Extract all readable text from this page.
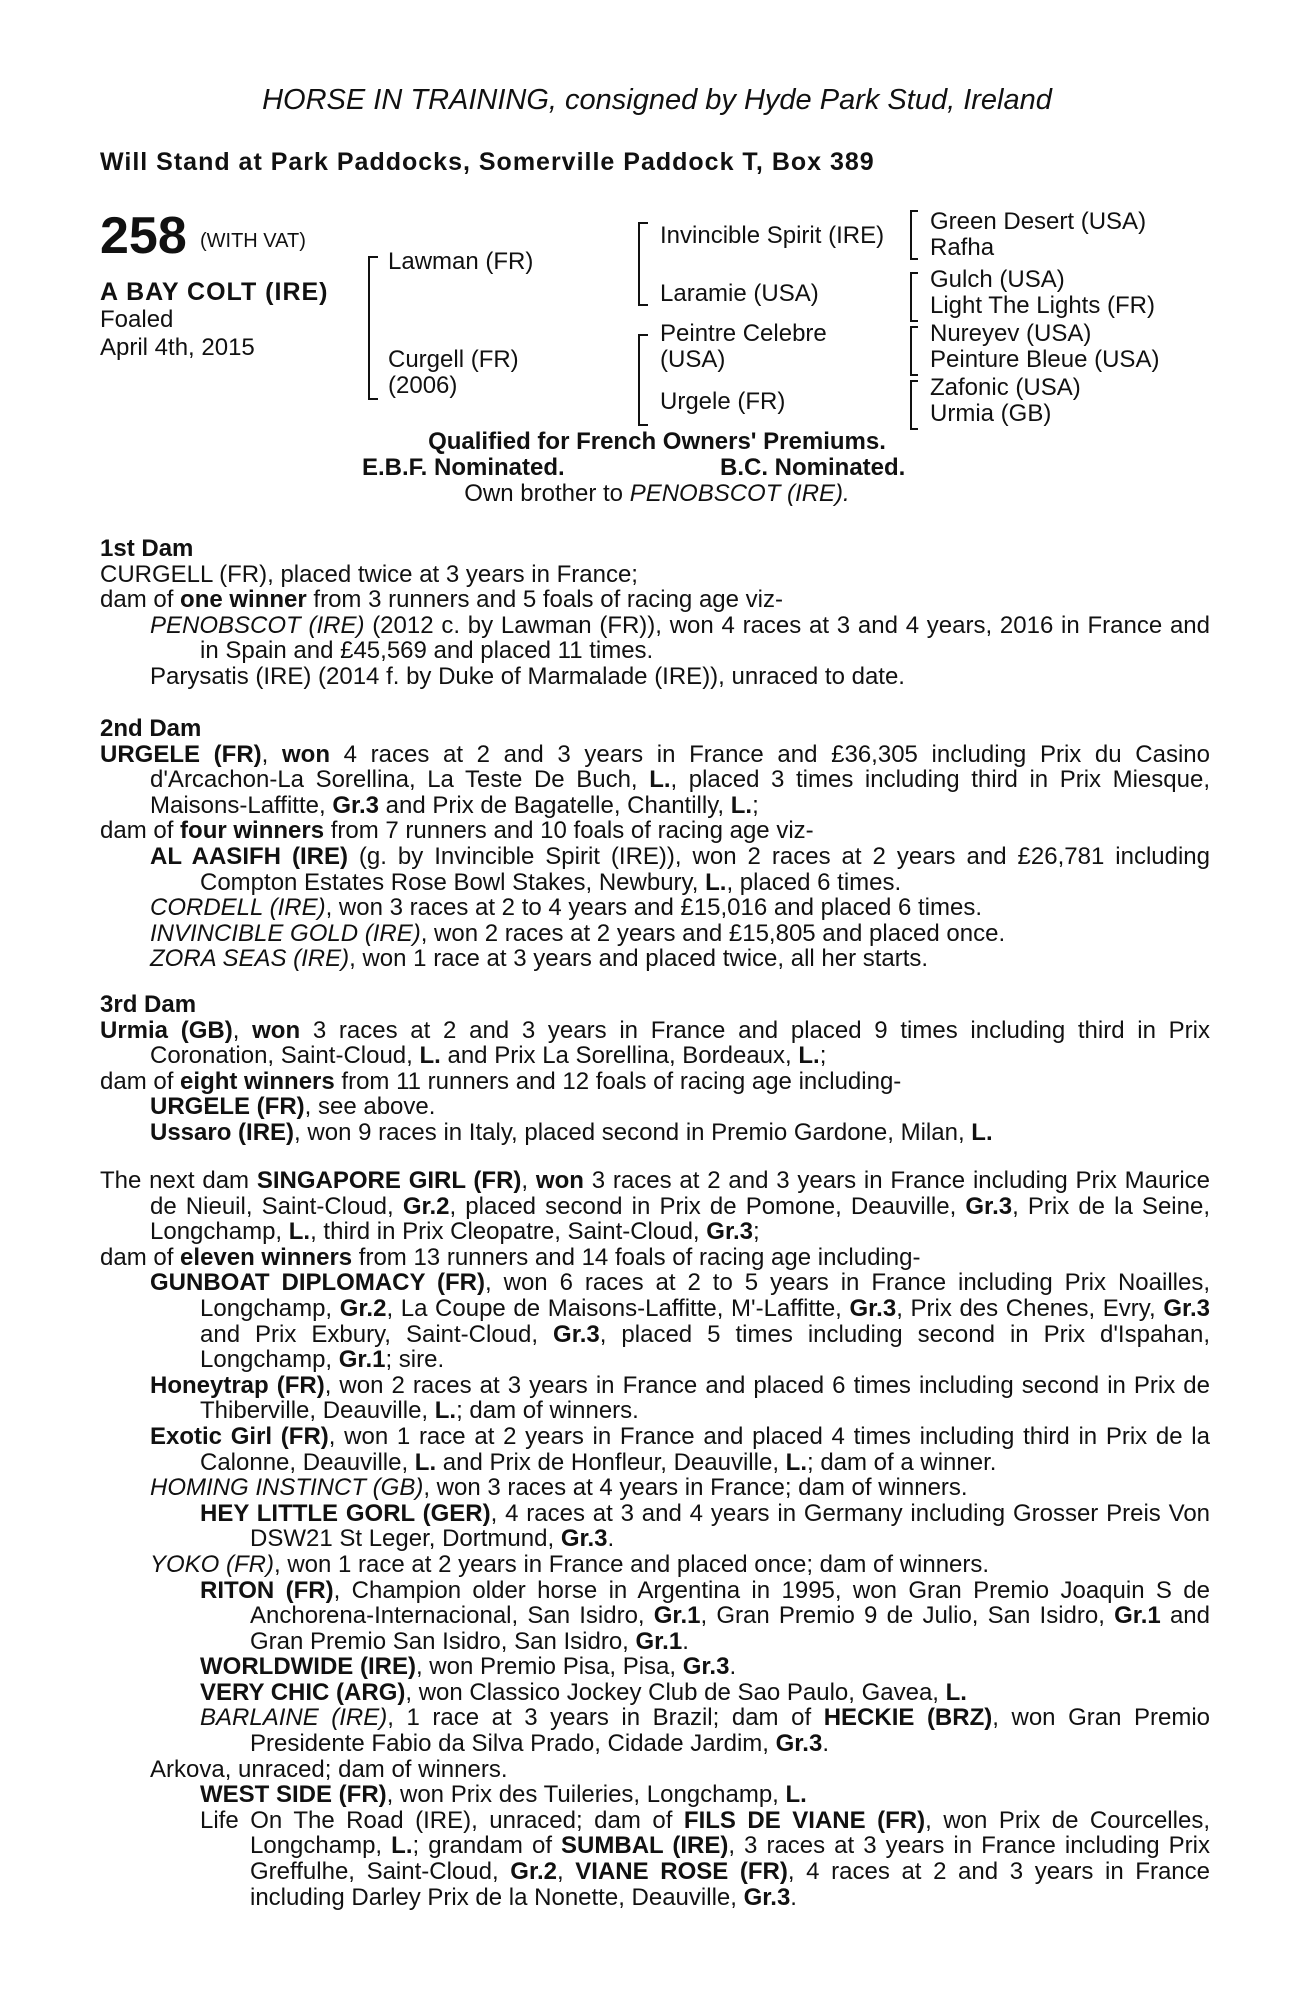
HORSE IN TRAINING, consigned by Hyde Park Stud, Ireland
Will Stand at Park Paddocks, Somerville Paddock T, Box 389
258 (WITH VAT)
A BAY COLT (IRE)
Foaled
April 4th, 2015
Lawman (FR)
Curgell (FR)
(2006)
Invincible Spirit (IRE)
Laramie (USA)
Peintre Celebre
(USA)
Urgele (FR)
Green Desert (USA)
Rafha
Gulch (USA)
Light The Lights (FR)
Nureyev (USA)
Peinture Bleue (USA)
Zafonic (USA)
Urmia (GB)
Qualified for French Owners' Premiums.
E.B.F. Nominated.	B.C. Nominated.
Own brother to PENOBSCOT (IRE).

1st Dam

CURGELL (FR), placed twice at 3 years in France;

dam of one winner from 3 runners and 5 foals of racing age viz-

PENOBSCOT (IRE) (2012 c. by Lawman (FR)), won 4 races at 3 and 4 years, 2016 in France and in Spain and £45,569 and placed 11 times.

Parysatis (IRE) (2014 f. by Duke of Marmalade (IRE)), unraced to date.

2nd Dam

URGELE (FR), won 4 races at 2 and 3 years in France and £36,305 including Prix du Casino d'Arcachon-La Sorellina, La Teste De Buch, L., placed 3 times including third in Prix Miesque, Maisons-Laffitte, Gr.3 and Prix de Bagatelle, Chantilly, L.;

dam of four winners from 7 runners and 10 foals of racing age viz-

AL AASIFH (IRE) (g. by Invincible Spirit (IRE)), won 2 races at 2 years and £26,781 including Compton Estates Rose Bowl Stakes, Newbury, L., placed 6 times.

CORDELL (IRE), won 3 races at 2 to 4 years and £15,016 and placed 6 times.

INVINCIBLE GOLD (IRE), won 2 races at 2 years and £15,805 and placed once.

ZORA SEAS (IRE), won 1 race at 3 years and placed twice, all her starts.

3rd Dam

Urmia (GB), won 3 races at 2 and 3 years in France and placed 9 times including third in Prix Coronation, Saint-Cloud, L. and Prix La Sorellina, Bordeaux, L.;

dam of eight winners from 11 runners and 12 foals of racing age including-

URGELE (FR), see above.

Ussaro (IRE), won 9 races in Italy, placed second in Premio Gardone, Milan, L.

The next dam SINGAPORE GIRL (FR), won 3 races at 2 and 3 years in France including Prix Maurice de Nieuil, Saint-Cloud, Gr.2, placed second in Prix de Pomone, Deauville, Gr.3, Prix de la Seine, Longchamp, L., third in Prix Cleopatre, Saint-Cloud, Gr.3;

dam of eleven winners from 13 runners and 14 foals of racing age including-

GUNBOAT DIPLOMACY (FR), won 6 races at 2 to 5 years in France including Prix Noailles, Longchamp, Gr.2, La Coupe de Maisons-Laffitte, M'-Laffitte, Gr.3, Prix des Chenes, Evry, Gr.3 and Prix Exbury, Saint-Cloud, Gr.3, placed 5 times including second in Prix d'Ispahan, Longchamp, Gr.1; sire.

Honeytrap (FR), won 2 races at 3 years in France and placed 6 times including second in Prix de Thiberville, Deauville, L.; dam of winners.

Exotic Girl (FR), won 1 race at 2 years in France and placed 4 times including third in Prix de la Calonne, Deauville, L. and Prix de Honfleur, Deauville, L.; dam of a winner.

HOMING INSTINCT (GB), won 3 races at 4 years in France; dam of winners.

HEY LITTLE GORL (GER), 4 races at 3 and 4 years in Germany including Grosser Preis Von DSW21 St Leger, Dortmund, Gr.3.

YOKO (FR), won 1 race at 2 years in France and placed once; dam of winners.

RITON (FR), Champion older horse in Argentina in 1995, won Gran Premio Joaquin S de Anchorena-Internacional, San Isidro, Gr.1, Gran Premio 9 de Julio, San Isidro, Gr.1 and Gran Premio San Isidro, San Isidro, Gr.1.

WORLDWIDE (IRE), won Premio Pisa, Pisa, Gr.3.

VERY CHIC (ARG), won Classico Jockey Club de Sao Paulo, Gavea, L.

BARLAINE (IRE), 1 race at 3 years in Brazil; dam of HECKIE (BRZ), won Gran Premio Presidente Fabio da Silva Prado, Cidade Jardim, Gr.3.

Arkova, unraced; dam of winners.

WEST SIDE (FR), won Prix des Tuileries, Longchamp, L.

Life On The Road (IRE), unraced; dam of FILS DE VIANE (FR), won Prix de Courcelles, Longchamp, L.; grandam of SUMBAL (IRE), 3 races at 3 years in France including Prix Greffulhe, Saint-Cloud, Gr.2, VIANE ROSE (FR), 4 races at 2 and 3 years in France including Darley Prix de la Nonette, Deauville, Gr.3.
